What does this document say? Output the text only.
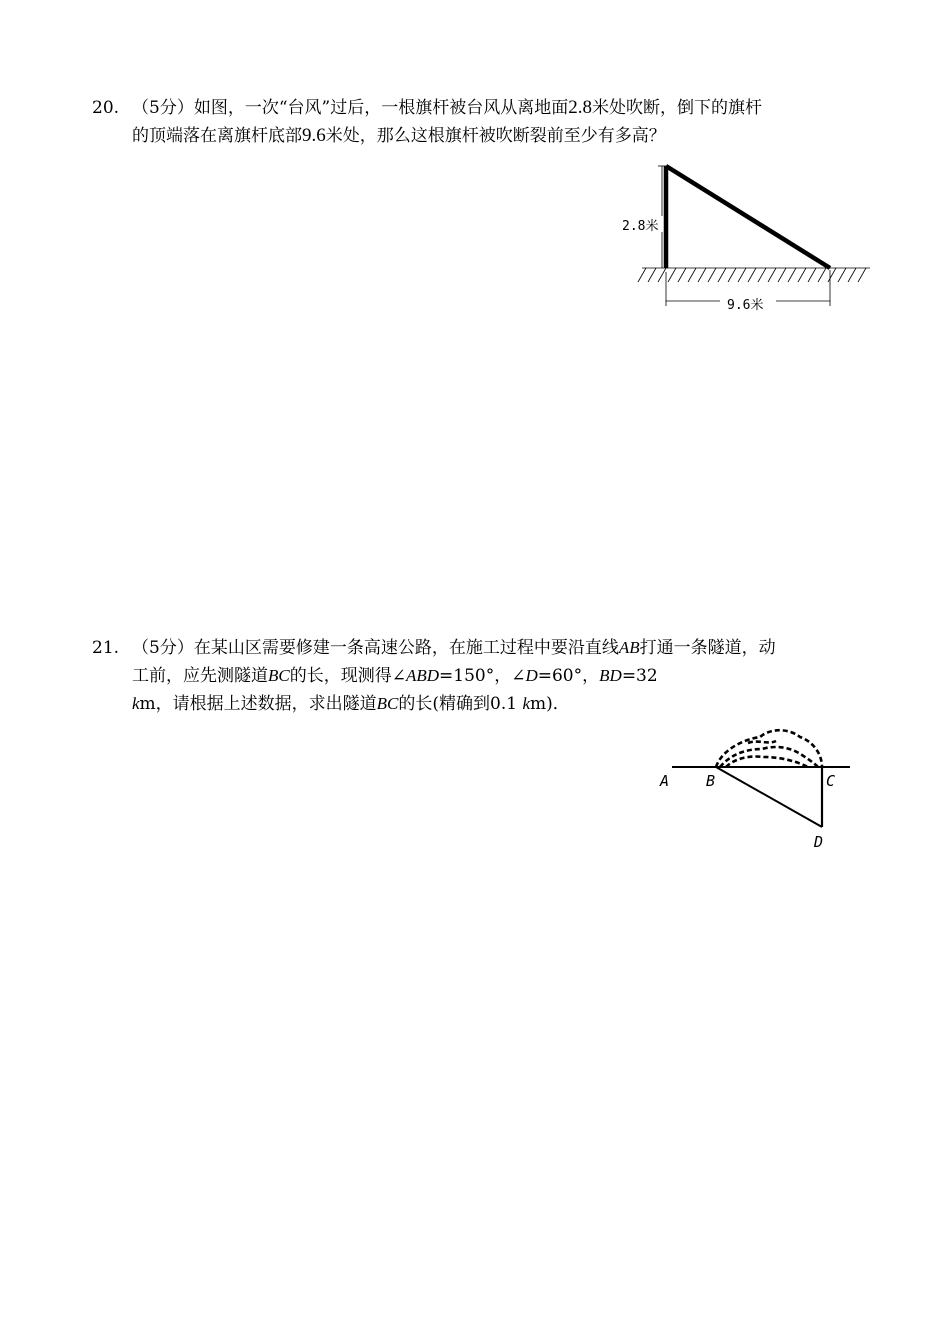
20. （5分）如图，一次“台风”过后，一根旗杆被台风从离地面2.8米处吹断，倒下的旗杆
的顶端落在离旗杆底部9.6米处，那么这根旗杆被吹断裂前至少有多高？
2.8米
9.6米
21. （5分）在某山区需要修建一条高速公路，在施工过程中要沿直线AB打通一条隧道，动
工前，应先测隧道BC的长，现测得∠ABD=150°，∠D=60°，BD=32
km，请根据上述数据，求出隧道BC的长(精确到0.1 km)．
A B	C
D
